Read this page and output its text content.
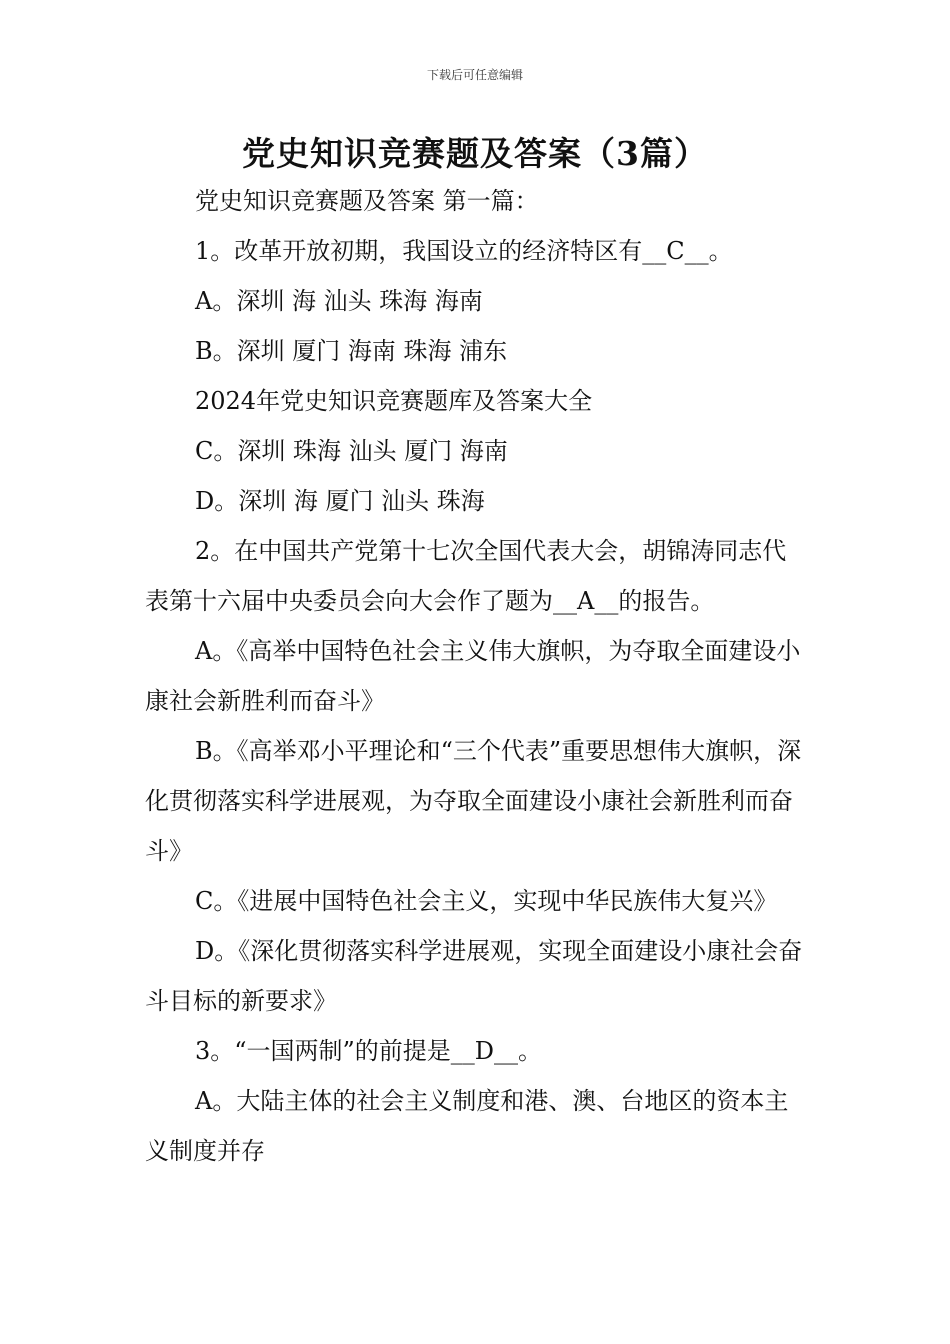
下载后可任意编辑
党史知识竞赛题及答案（3篇）

党史知识竞赛题及答案 第一篇：

1。改革开放初期，我国设立的经济特区有__C__。

A。深圳 海 汕头 珠海 海南

B。深圳 厦门 海南 珠海 浦东

2024年党史知识竞赛题库及答案大全

C。深圳 珠海 汕头 厦门 海南

D。深圳 海 厦门 汕头 珠海

2。在中国共产党第十七次全国代表大会，胡锦涛同志代表第十六届中央委员会向大会作了题为__A__的报告。

A。《高举中国特色社会主义伟大旗帜，为夺取全面建设小康社会新胜利而奋斗》

B。《高举邓小平理论和“三个代表”重要思想伟大旗帜，深化贯彻落实科学进展观，为夺取全面建设小康社会新胜利而奋斗》

C。《进展中国特色社会主义，实现中华民族伟大复兴》

D。《深化贯彻落实科学进展观，实现全面建设小康社会奋斗目标的新要求》

3。“一国两制”的前提是__D__。

A。大陆主体的社会主义制度和港、澳、台地区的资本主义制度并存
